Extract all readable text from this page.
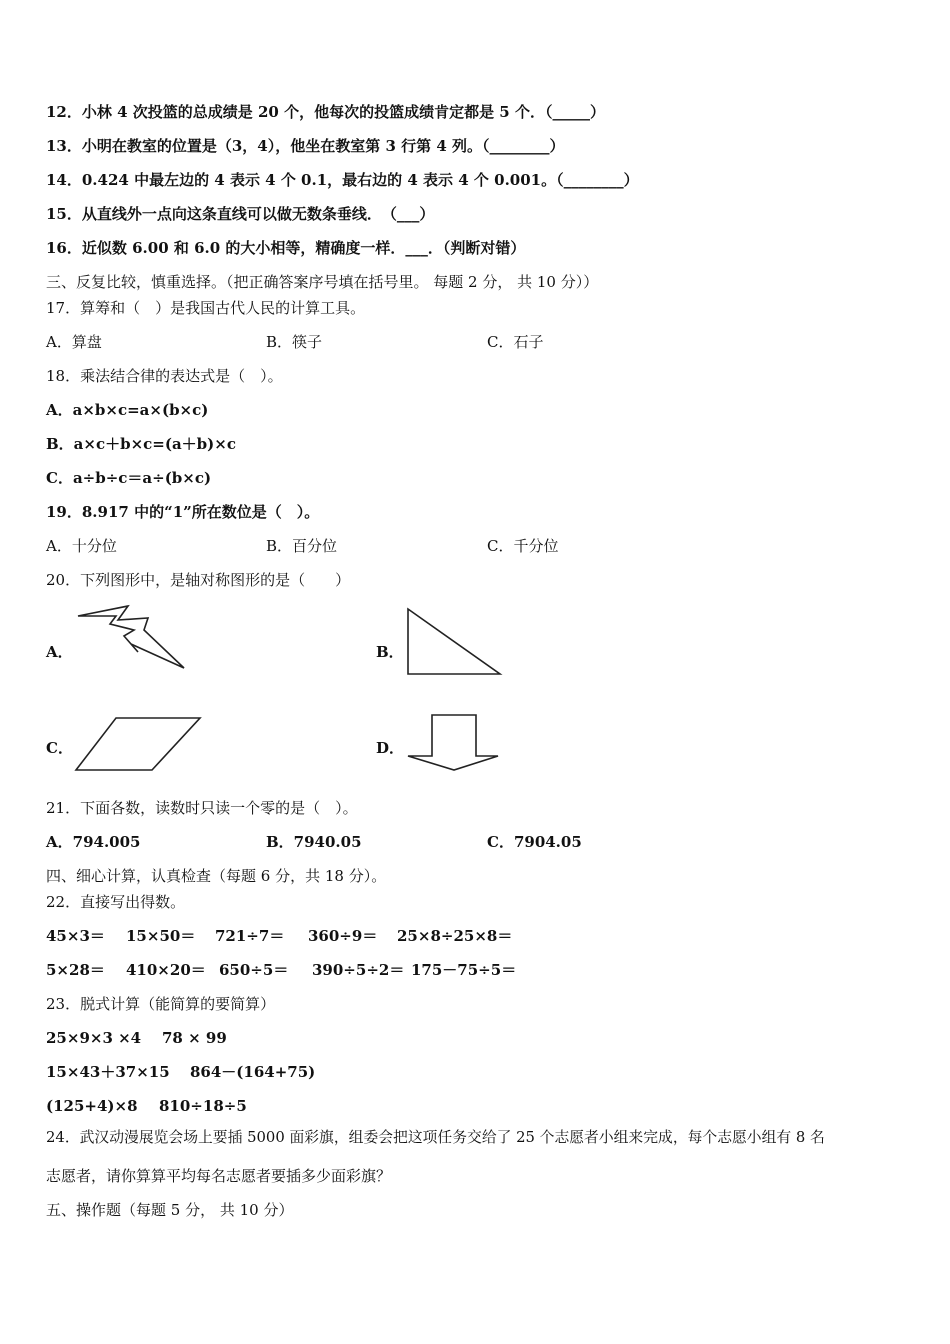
12．小林 4 次投篮的总成绩是 20 个，他每次的投篮成绩肯定都是 5 个．（_____）
13．小明在教室的位置是（3，4），他坐在教室第 3 行第 4 列。（________）
14．0.424 中最左边的 4 表示 4 个 0.1，最右边的 4 表示 4 个 0.001。（________）
15．从直线外一点向这条直线可以做无数条垂线．　（___）
16．近似数 6.00 和 6.0 的大小相等，精确度一样．___．（判断对错）
三、反复比较，慎重选择。（把正确答案序号填在括号里。 每题 2 分， 共 10 分））
17．算筹和（　）是我国古代人民的计算工具。
A．算盘	B．筷子	C．石子
18．乘法结合律的表达式是（　）。
A．a×b×c=a×(b×c)
B．a×c＋b×c=(a＋b)×c
C．a÷b÷c＝a÷(b×c)
19．8.917 中的“1”所在数位是（　）。
A．十分位	B．百分位	C．千分位
20．下列图形中，是轴对称图形的是（　　）
A．	B．
C．	D．
21．下面各数，读数时只读一个零的是（　）。
A．794.005	B．7940.05	C．7904.05
四、细心计算，认真检查（每题 6 分，共 18 分）。
22．直接写出得数。
45×3＝ 15×50＝ 721÷7＝ 360÷9＝ 25×8÷25×8＝
5×28＝ 410×20＝ 650÷5＝ 390÷5÷2＝ 175－75÷5＝
23．脱式计算（能简算的要简算）
25×9×3 ×4 78 × 99
15×43＋37×15 864－(164+75)
(125+4)×8 810÷18÷5
24．武汉动漫展览会场上要插 5000 面彩旗，组委会把这项任务交给了 25 个志愿者小组来完成，每个志愿小组有 8 名
志愿者，请你算算平均每名志愿者要插多少面彩旗？
五、操作题（每题 5 分， 共 10 分）
